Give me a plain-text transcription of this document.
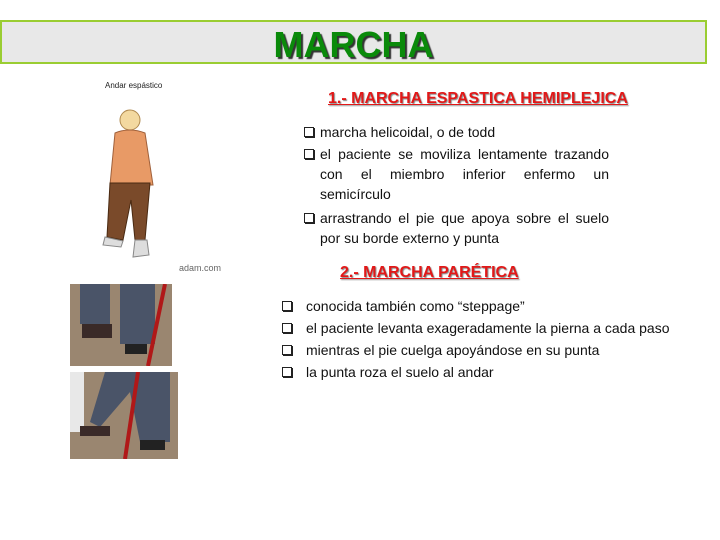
MARCHA
Andar espástico
adam.com
1.- MARCHA ESPASTICA HEMIPLEJICA
marcha helicoidal, o de todd
el paciente se moviliza lentamente trazando con el miembro inferior enfermo un semicírculo
arrastrando el pie que apoya sobre el suelo por su borde externo y punta
2.- MARCHA PARÉTICA
conocida también como “steppage”
el paciente levanta exageradamente la pierna a cada paso
mientras el pie cuelga apoyándose en su punta
la punta roza el suelo al andar
